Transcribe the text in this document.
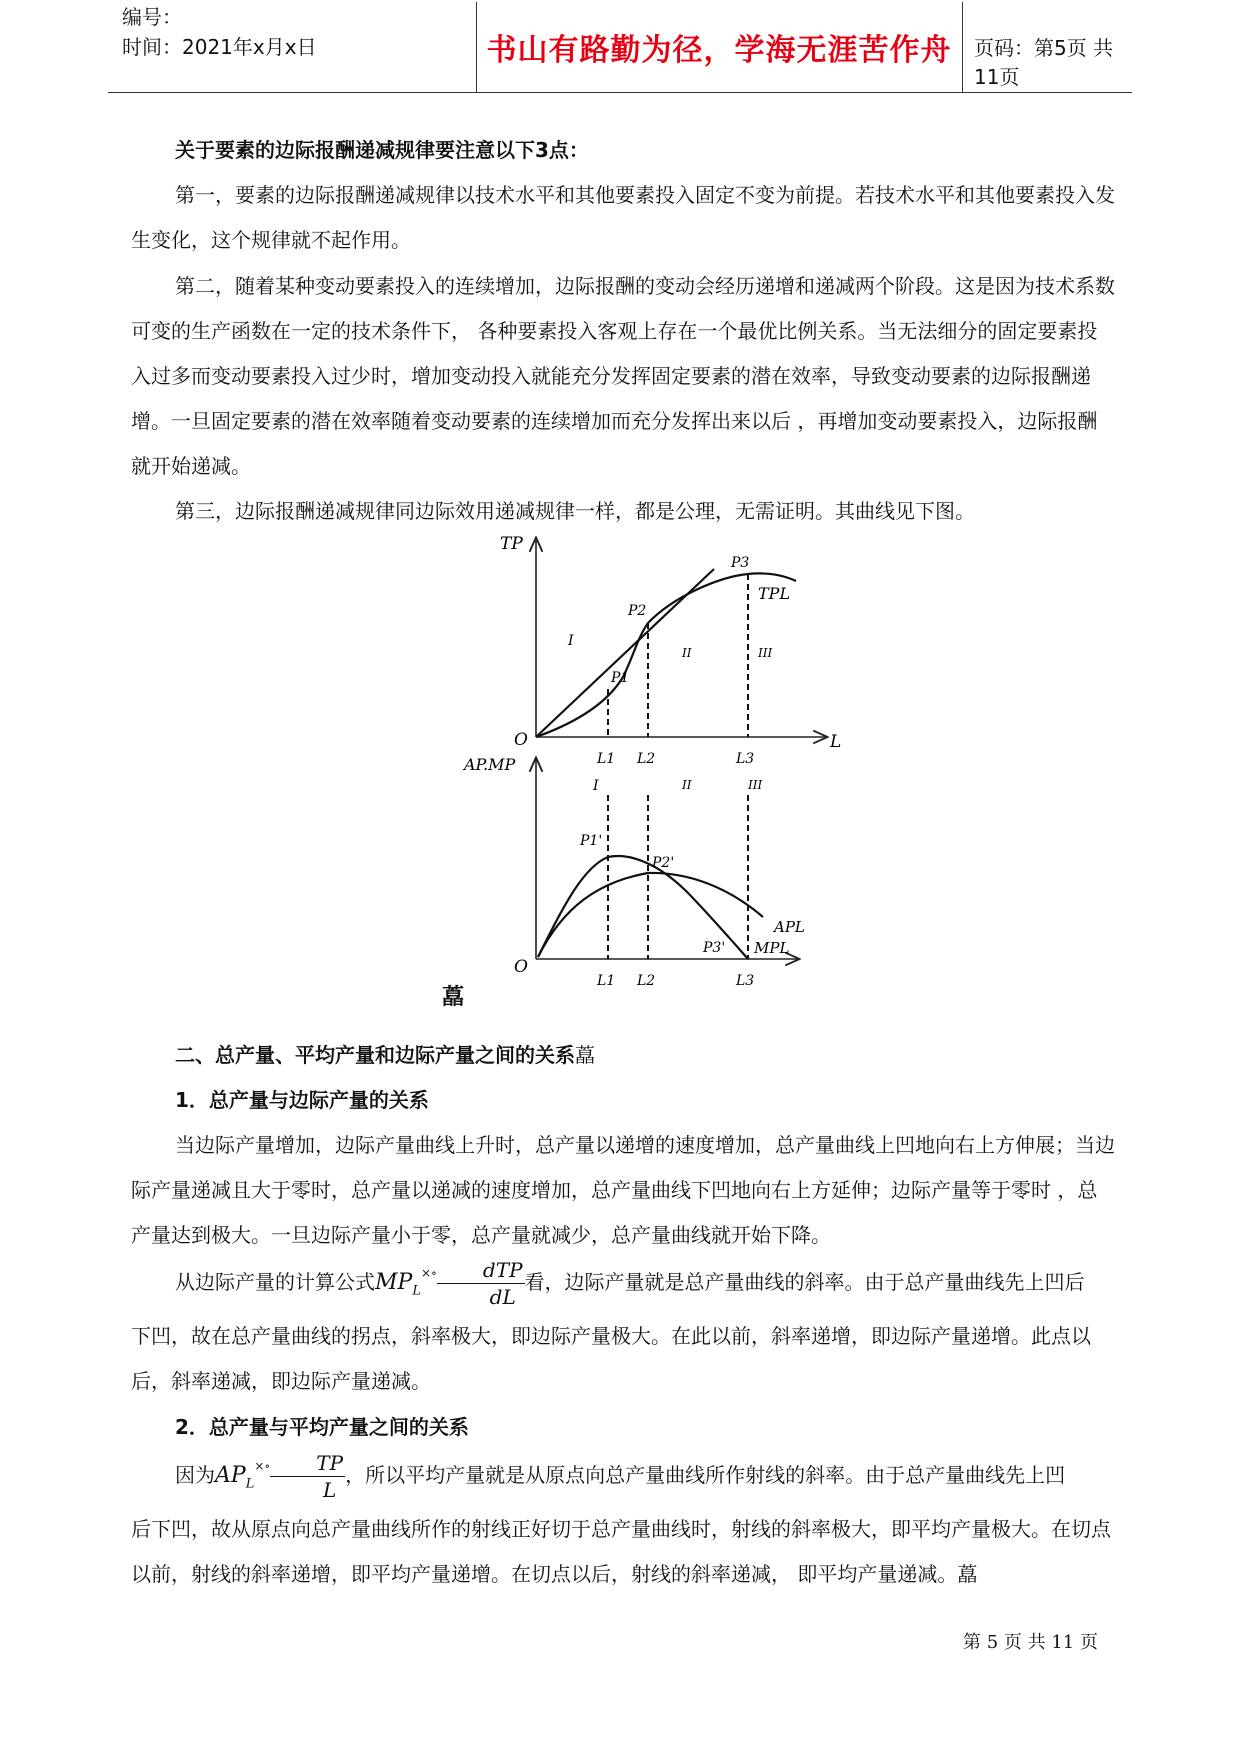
编号：
时间：2021年x月x日	书山有路勤为径，学海无涯苦作舟	页码：第5页 共11页

关于要素的边际报酬递减规律要注意以下3点：

第一，要素的边际报酬递减规律以技术水平和其他要素投入固定不变为前提。若技术水平和其他要素投入发生变化，这个规律就不起作用。

第二，随着某种变动要素投入的连续增加，边际报酬的变动会经历递增和递减两个阶段。这是因为技术系数可变的生产函数在一定的技术条件下， 各种要素投入客观上存在一个最优比例关系。当无法细分的固定要素投入过多而变动要素投入过少时，增加变动投入就能充分发挥固定要素的潜在效率，导致变动要素的边际报酬递增。一旦固定要素的潜在效率随着变动要素的连续增加而充分发挥出来以后 ，再增加变动要素投入，边际报酬就开始递减。

第三，边际报酬递减规律同边际效用递减规律一样，都是公理，无需证明。其曲线见下图。

TP
L
O
TPL
P1
P2
P3
I
II	III
L1 L2	L3
AP.MP
O
I	II	III
P1'
P2'
P3'
APL
MPL
L1 L2	L3
藠

二、总产量、平均产量和边际产量之间的关系藠

1．总产量与边际产量的关系

当边际产量增加，边际产量曲线上升时，总产量以递增的速度增加，总产量曲线上凹地向右上方伸展；当边际产量递减且大于零时，总产量以递减的速度增加，总产量曲线下凹地向右上方延伸；边际产量等于零时 ，总产量达到极大。一旦边际产量小于零，总产量就减少，总产量曲线就开始下降。

从边际产量的计算公式$MP_L^{\times\circ} \frac{\text{dTP}}{dL}$ 看，边际产量就是总产量曲线的斜率。由于总产量曲线先上凹后

下凹，故在总产量曲线的拐点，斜率极大，即边际产量极大。在此以前，斜率递增，即边际产量递增。此点以后，斜率递减，即边际产量递减。

2．总产量与平均产量之间的关系

因为$AP_L^{\times\circ} \frac{TP}{L}$ ，所以平均产量就是从原点向总产量曲线所作射线的斜率。由于总产量曲线先上凹

后下凹，故从原点向总产量曲线所作的射线正好切于总产量曲线时，射线的斜率极大，即平均产量极大。在切点以前，射线的斜率递增，即平均产量递增。在切点以后，射线的斜率递减， 即平均产量递减。藠

第 5 页 共 11 页
